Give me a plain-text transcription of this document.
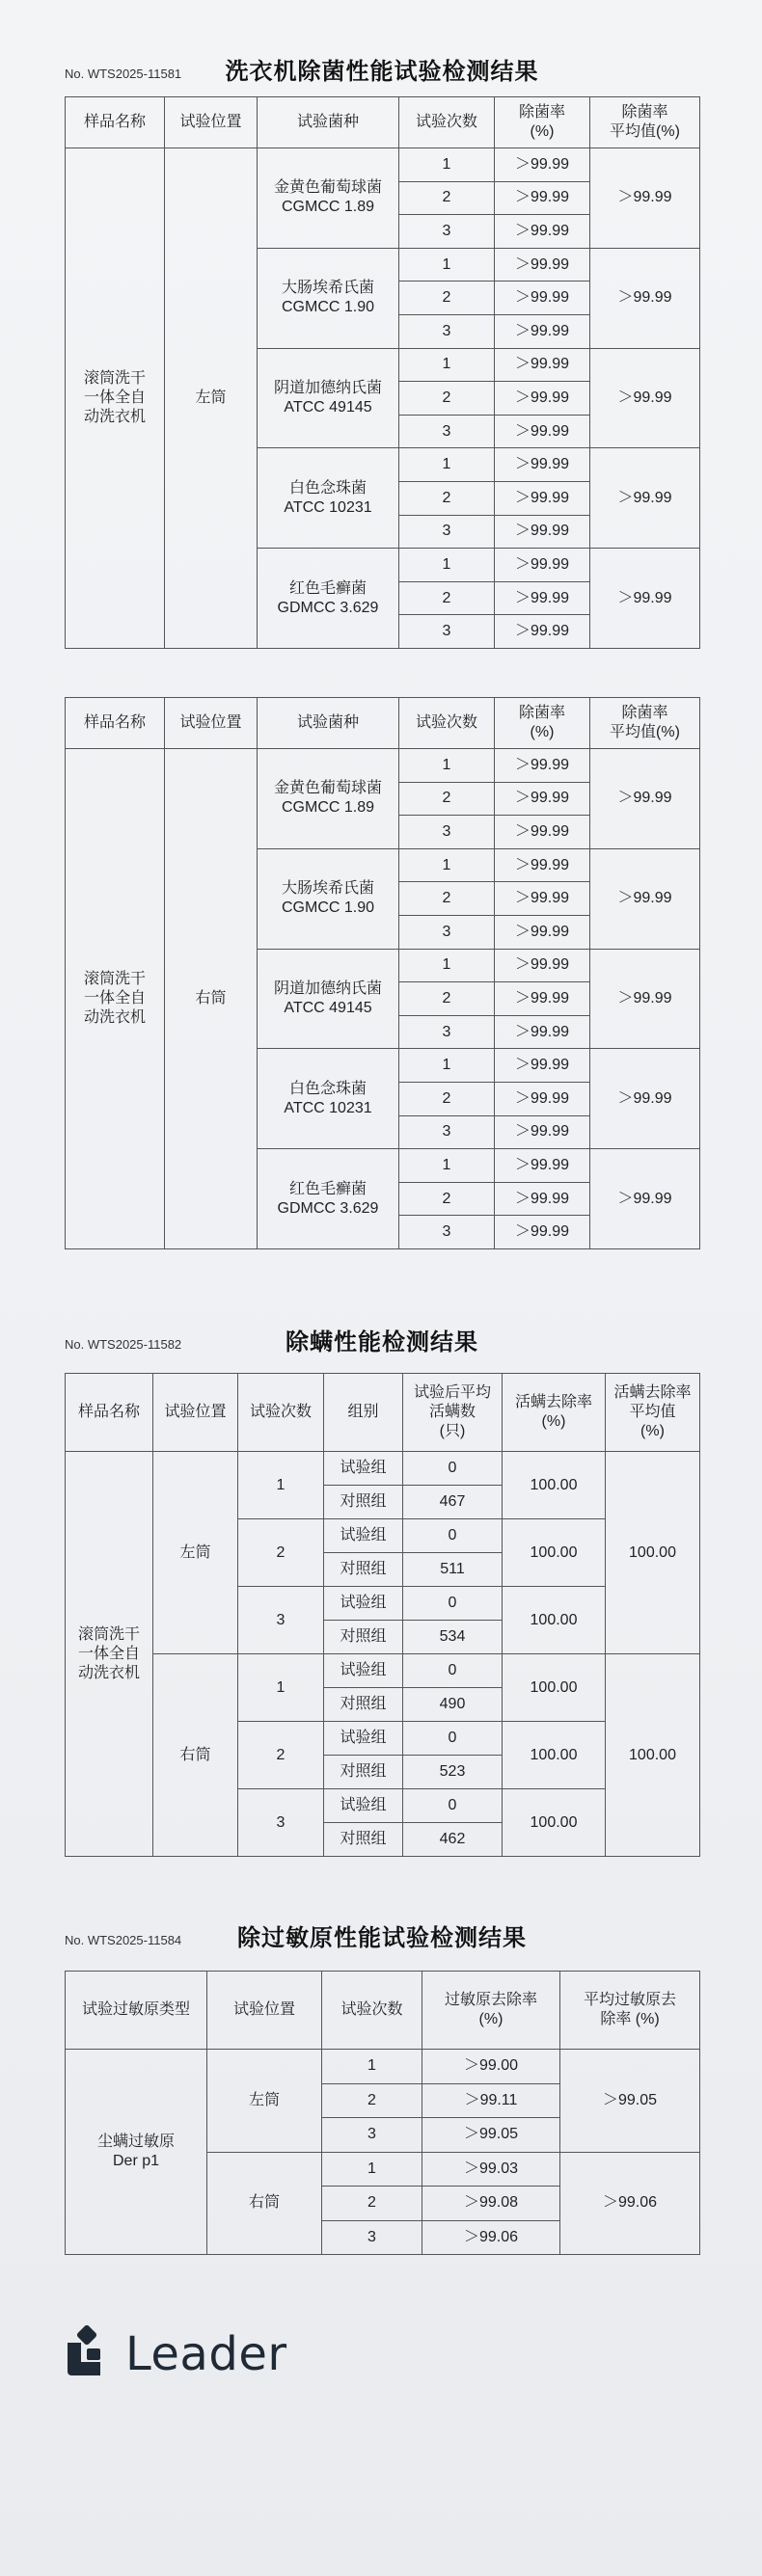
No. WTS2025-11581	洗衣机除菌性能试验检测结果
样品名称	试验位置	试验菌种	试验次数	除菌率
(%)	除菌率
平均值(%)
滚筒洗干
一体全自
动洗衣机	左筒	金黄色葡萄球菌
CGMCC 1.89	1	＞99.99	＞99.99
			2	＞99.99	
			3	＞99.99	
		大肠埃希氏菌
CGMCC 1.90	1	＞99.99	＞99.99
			2	＞99.99	
			3	＞99.99	
		阴道加德纳氏菌
ATCC 49145	1	＞99.99	＞99.99
			2	＞99.99	
			3	＞99.99	
		白色念珠菌
ATCC 10231	1	＞99.99	＞99.99
			2	＞99.99	
			3	＞99.99	
		红色毛癣菌
GDMCC 3.629	1	＞99.99	＞99.99
			2	＞99.99	
			3	＞99.99	
样品名称	试验位置	试验菌种	试验次数	除菌率
(%)	除菌率
平均值(%)
滚筒洗干
一体全自
动洗衣机	右筒	金黄色葡萄球菌
CGMCC 1.89	1	＞99.99	＞99.99
			2	＞99.99	
			3	＞99.99	
		大肠埃希氏菌
CGMCC 1.90	1	＞99.99	＞99.99
			2	＞99.99	
			3	＞99.99	
		阴道加德纳氏菌
ATCC 49145	1	＞99.99	＞99.99
			2	＞99.99	
			3	＞99.99	
		白色念珠菌
ATCC 10231	1	＞99.99	＞99.99
			2	＞99.99	
			3	＞99.99	
		红色毛癣菌
GDMCC 3.629	1	＞99.99	＞99.99
			2	＞99.99	
			3	＞99.99	
No. WTS2025-11582	除螨性能检测结果
样品名称	试验位置	试验次数	组别	试验后平均
活螨数
(只)	活螨去除率
(%)	活螨去除率
平均值
(%)
滚筒洗干
一体全自
动洗衣机	左筒	1	试验组	0	100.00	100.00
			对照组	467		
		2	试验组	0	100.00	
			对照组	511		
		3	试验组	0	100.00	
			对照组	534		
	右筒	1	试验组	0	100.00	100.00
			对照组	490		
		2	试验组	0	100.00	
			对照组	523		
		3	试验组	0	100.00	
			对照组	462		
No. WTS2025-11584	除过敏原性能试验检测结果
试验过敏原类型	试验位置	试验次数	过敏原去除率
(%)	平均过敏原去
除率 (%)
尘螨过敏原
Der p1	左筒	1	＞99.00	＞99.05
		2	＞99.11	
		3	＞99.05	
	右筒	1	＞99.03	＞99.06
		2	＞99.08	
		3	＞99.06	
Leader
